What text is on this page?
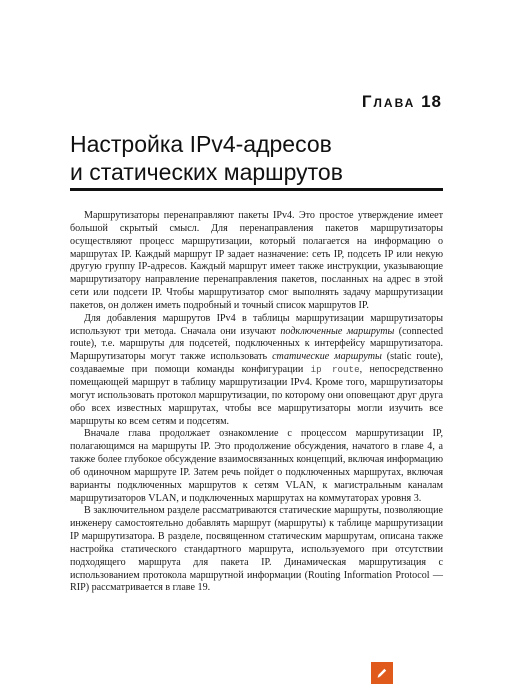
Глава 18
Настройка IPv4-адресов
и статических маршрутов

Маршрутизаторы перенаправляют пакеты IPv4. Это простое утверждение имеет большой скрытый смысл. Для перенаправления пакетов маршрутизаторы осуществляют процесс маршрутизации, который полагается на информацию о маршрутах IP. Каждый маршрут IP задает назначение: сеть IP, подсеть IP или некую другую группу IP-адресов. Каждый маршрут имеет также инструкции, указывающие маршрутизатору направление перенаправления пакетов, посланных на адрес в этой сети или подсети IP. Чтобы маршрутизатор смог выполнять задачу маршрутизации пакетов, он должен иметь подробный и точный список маршрутов IP.

Для добавления маршрутов IPv4 в таблицы маршрутизации маршрутизаторы используют три метода. Сначала они изучают подключенные маршруты (connected route), т.е. маршруты для подсетей, подключенных к интерфейсу маршрутизатора. Маршрутизаторы могут также использовать статические маршруты (static route), создаваемые при помощи команды конфигурации ip route, непосредственно помещающей маршрут в таблицу маршрутизации IPv4. Кроме того, маршрутизаторы могут использовать протокол маршрутизации, по которому они оповещают друг друга обо всех известных маршрутах, чтобы все маршрутизаторы могли изучить все маршруты ко всем сетям и подсетям.

Вначале глава продолжает ознакомление с процессом маршрутизации IP, полагающимся на маршруты IP. Это продолжение обсуждения, начатого в главе 4, а также более глубокое обсуждение взаимосвязанных концепций, включая информацию об одиночном маршруте IP. Затем речь пойдет о подключенных маршрутах, включая варианты подключенных маршрутов к сетям VLAN, к магистральным каналам маршрутизаторов VLAN, и подключенных маршрутах на коммутаторах уровня 3.

В заключительном разделе рассматриваются статические маршруты, позволяющие инженеру самостоятельно добавлять маршрут (маршруты) к таблице маршрутизации IP маршрутизатора. В разделе, посвященном статическим маршрутам, описана также настройка статического стандартного маршрута, используемого при отсутствии подходящего маршрута для пакета IP. Динамическая маршрутизация с использованием протокола маршрутной информации (Routing Information Protocol — RIP) рассматривается в главе 19.
